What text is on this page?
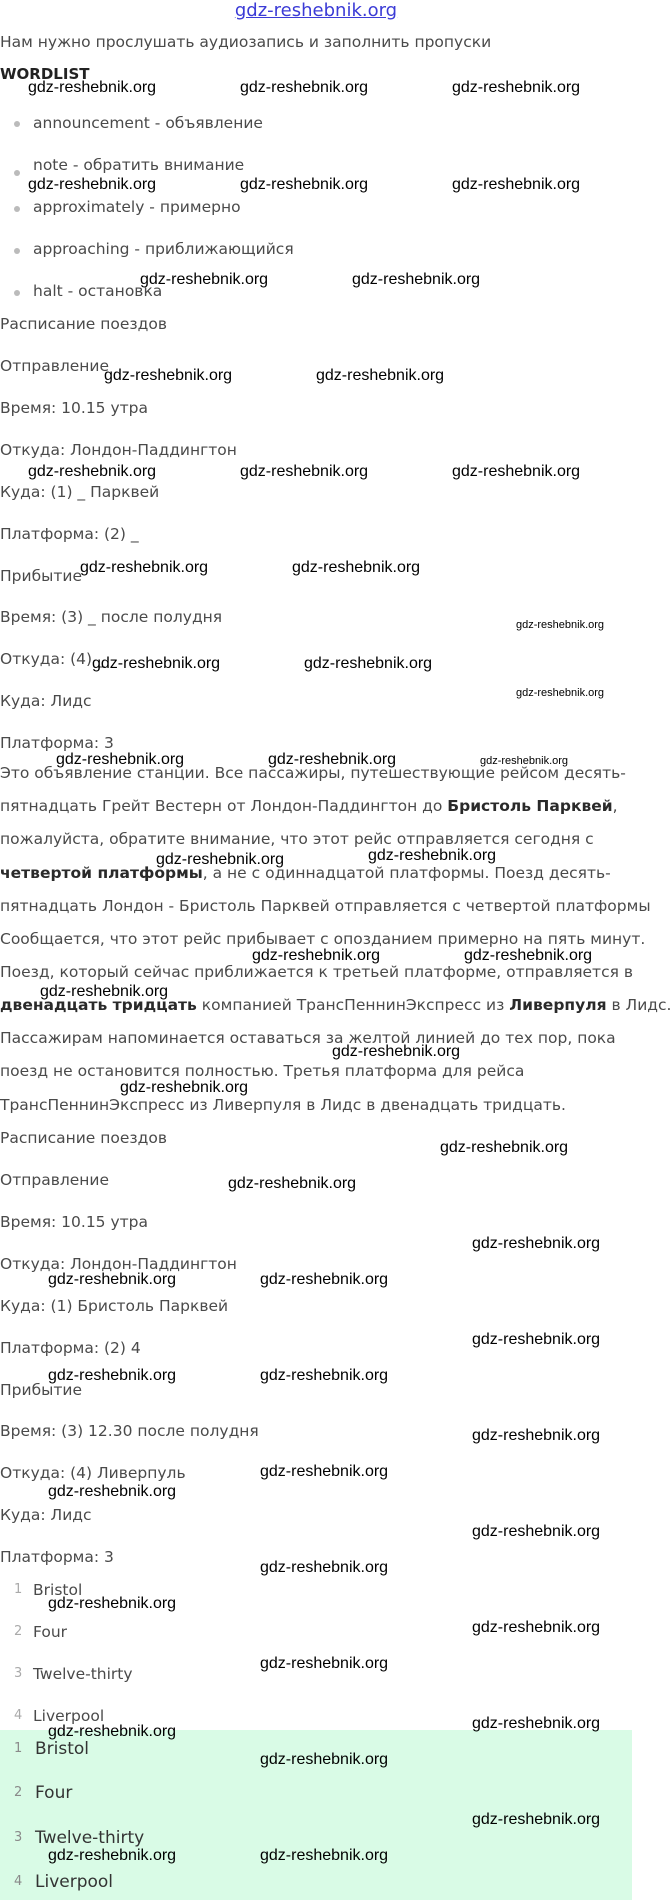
gdz-reshebnik.org
Нам нужно прослушать аудиозапись и заполнить пропуски
WORDLIST
announcement - объявление
note - обратить внимание
approximately - примерно
approaching - приближающийся
halt - остановка
Расписание поездов
Отправление
Время: 10.15 утра
Откуда: Лондон-Паддингтон
Куда: (1) _ Парквей
Платформа: (2) _
Прибытие
Время: (3) _ после полудня
Откуда: (4) _
Куда: Лидс
Платформа: 3
Это объявление станции. Все пассажиры, путешествующие рейсом десять-
пятнадцать Грейт Вестерн от Лондон-Паддингтон до Бристоль Парквей,
пожалуйста, обратите внимание, что этот рейс отправляется сегодня с
четвертой платформы, а не с одиннадцатой платформы. Поезд десять-
пятнадцать Лондон - Бристоль Парквей отправляется с четвертой платформы
Сообщается, что этот рейс прибывает с опозданием примерно на пять минут.
Поезд, который сейчас приближается к третьей платформе, отправляется в
двенадцать тридцать компанией ТрансПеннинЭкспресс из Ливерпуля в Лидс.
Пассажирам напоминается оставаться за желтой линией до тех пор, пока
поезд не остановится полностью. Третья платформа для рейса
ТрансПеннинЭкспресс из Ливерпуля в Лидс в двенадцать тридцать.
Расписание поездов
Отправление
Время: 10.15 утра
Откуда: Лондон-Паддингтон
Куда: (1) Бристоль Парквей
Платформа: (2) 4
Прибытие
Время: (3) 12.30 после полудня
Откуда: (4) Ливерпуль
Куда: Лидс
Платформа: 3
1 Bristol
2 Four
3 Twelve-thirty
4 Liverpool
1 Bristol
2 Four
3 Twelve-thirty
4 Liverpool
gdz-reshebnik.org	gdz-reshebnik.org	gdz-reshebnik.org
gdz-reshebnik.org	gdz-reshebnik.org	gdz-reshebnik.org
gdz-reshebnik.org	gdz-reshebnik.org
gdz-reshebnik.org	gdz-reshebnik.org
gdz-reshebnik.org	gdz-reshebnik.org	gdz-reshebnik.org
gdz-reshebnik.org	gdz-reshebnik.org
gdz-reshebnik.org
gdz-reshebnik.org	gdz-reshebnik.org
gdz-reshebnik.org
gdz-reshebnik.org	gdz-reshebnik.org	gdz-reshebnik.org
gdz-reshebnik.org	gdz-reshebnik.org
gdz-reshebnik.org	gdz-reshebnik.org
gdz-reshebnik.org
gdz-reshebnik.org
gdz-reshebnik.org
gdz-reshebnik.org
gdz-reshebnik.org
gdz-reshebnik.org
gdz-reshebnik.org	gdz-reshebnik.org
gdz-reshebnik.org
gdz-reshebnik.org	gdz-reshebnik.org
gdz-reshebnik.org
gdz-reshebnik.org
gdz-reshebnik.org
gdz-reshebnik.org
gdz-reshebnik.org
gdz-reshebnik.org
gdz-reshebnik.org
gdz-reshebnik.org
gdz-reshebnik.org	gdz-reshebnik.org
gdz-reshebnik.org
gdz-reshebnik.org
gdz-reshebnik.org	gdz-reshebnik.org
